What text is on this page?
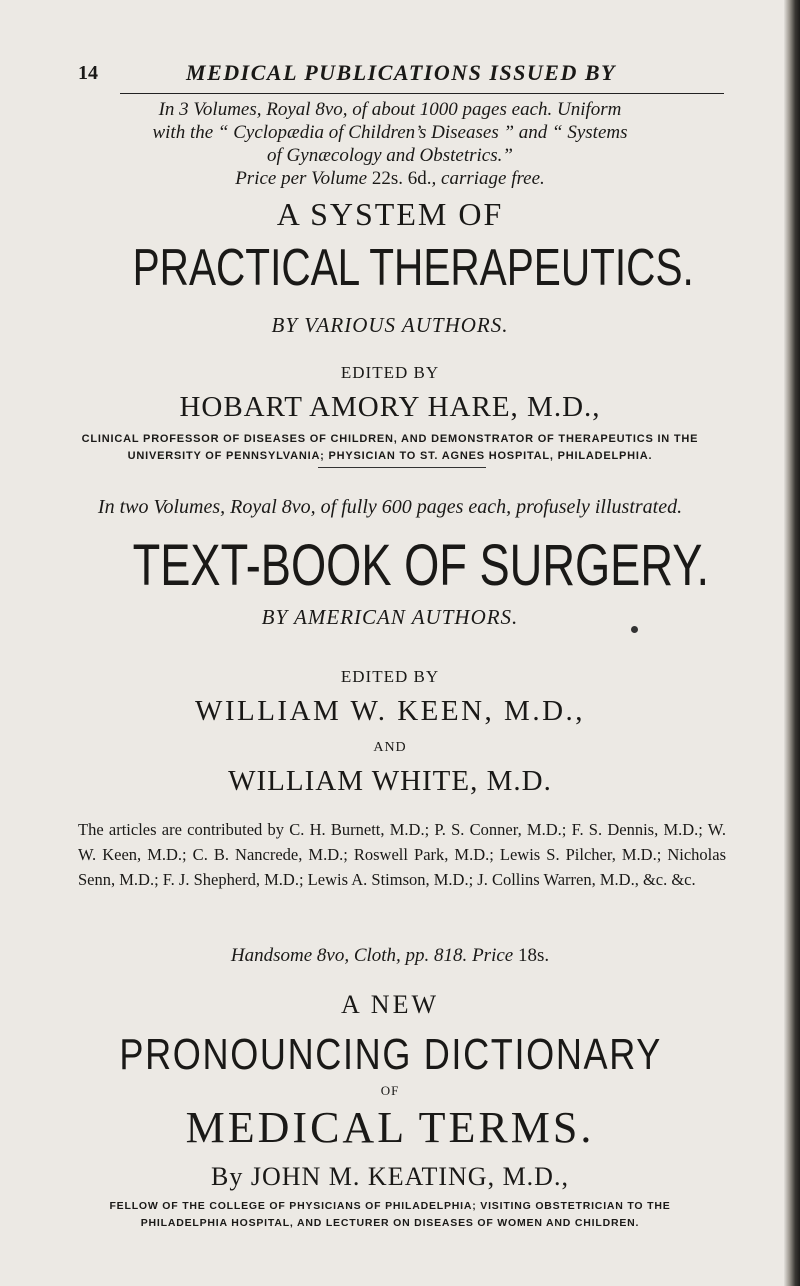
14	MEDICAL PUBLICATIONS ISSUED BY
In 3 Volumes, Royal 8vo, of about 1000 pages each. Uniform
with the “ Cyclopædia of Children’s Diseases ” and “ Systems
of Gynæcology and Obstetrics.”
Price per Volume 22s. 6d., carriage free.
A SYSTEM OF
PRACTICAL THERAPEUTICS.
BY VARIOUS AUTHORS.
EDITED BY
HOBART AMORY HARE, M.D.,
CLINICAL PROFESSOR OF DISEASES OF CHILDREN, AND DEMONSTRATOR OF THERAPEUTICS IN THE
UNIVERSITY OF PENNSYLVANIA; PHYSICIAN TO ST. AGNES HOSPITAL, PHILADELPHIA.
In two Volumes, Royal 8vo, of fully 600 pages each, profusely illustrated.
TEXT-BOOK OF SURGERY.
BY AMERICAN AUTHORS.
EDITED BY
WILLIAM W. KEEN, M.D.,
AND
WILLIAM WHITE, M.D.
The articles are contributed by C. H. Burnett, M.D.; P. S. Conner, M.D.; F. S. Dennis, M.D.; W. W. Keen, M.D.; C. B. Nancrede, M.D.; Roswell Park, M.D.; Lewis S. Pilcher, M.D.; Nicholas Senn, M.D.; F. J. Shepherd, M.D.; Lewis A. Stimson, M.D.; J. Collins Warren, M.D., &c. &c.
Handsome 8vo, Cloth, pp. 818. Price 18s.
A NEW
PRONOUNCING DICTIONARY
OF
MEDICAL TERMS.
By JOHN M. KEATING, M.D.,
FELLOW OF THE COLLEGE OF PHYSICIANS OF PHILADELPHIA; VISITING OBSTETRICIAN TO THE
PHILADELPHIA HOSPITAL, AND LECTURER ON DISEASES OF WOMEN AND CHILDREN.
